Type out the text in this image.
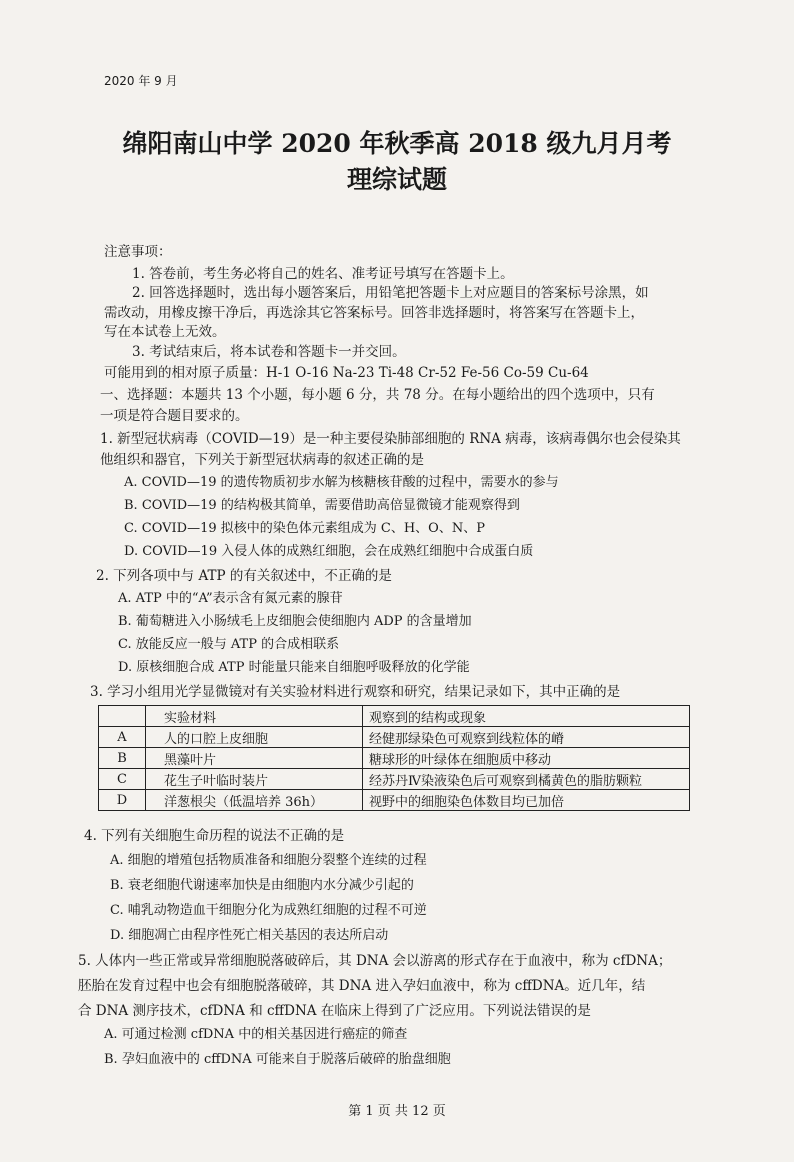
2020 年 9 月
绵阳南山中学 2020 年秋季高 2018 级九月月考
理综试题
注意事项：
1. 答卷前，考生务必将自己的姓名、准考证号填写在答题卡上。
2. 回答选择题时，选出每小题答案后，用铅笔把答题卡上对应题目的答案标号涂黑，如
需改动，用橡皮擦干净后，再选涂其它答案标号。回答非选择题时，将答案写在答题卡上，
写在本试卷上无效。
3. 考试结束后，将本试卷和答题卡一并交回。
可能用到的相对原子质量：H-1 O-16 Na-23 Ti-48 Cr-52 Fe-56 Co-59 Cu-64
一、选择题：本题共 13 个小题，每小题 6 分，共 78 分。在每小题给出的四个选项中，只有
一项是符合题目要求的。
1. 新型冠状病毒（COVID—19）是一种主要侵染肺部细胞的 RNA 病毒，该病毒偶尔也会侵染其
他组织和器官，下列关于新型冠状病毒的叙述正确的是
A. COVID—19 的遗传物质初步水解为核糖核苷酸的过程中，需要水的参与
B. COVID—19 的结构极其简单，需要借助高倍显微镜才能观察得到
C. COVID—19 拟核中的染色体元素组成为 C、H、O、N、P
D. COVID—19 入侵人体的成熟红细胞，会在成熟红细胞中合成蛋白质
2. 下列各项中与 ATP 的有关叙述中，不正确的是
A. ATP 中的“A”表示含有氮元素的腺苷
B. 葡萄糖进入小肠绒毛上皮细胞会使细胞内 ADP 的含量增加
C. 放能反应一般与 ATP 的合成相联系
D. 原核细胞合成 ATP 时能量只能来自细胞呼吸释放的化学能
3. 学习小组用光学显微镜对有关实验材料进行观察和研究，结果记录如下，其中正确的是
	实验材料	观察到的结构或现象
A	人的口腔上皮细胞	经健那绿染色可观察到线粒体的嵴
B	黑藻叶片	糖球形的叶绿体在细胞质中移动
C	花生子叶临时装片	经苏丹Ⅳ染液染色后可观察到橘黄色的脂肪颗粒
D	洋葱根尖（低温培养 36h）	视野中的细胞染色体数目均已加倍
4. 下列有关细胞生命历程的说法不正确的是
A. 细胞的增殖包括物质准备和细胞分裂整个连续的过程
B. 衰老细胞代谢速率加快是由细胞内水分减少引起的
C. 哺乳动物造血干细胞分化为成熟红细胞的过程不可逆
D. 细胞凋亡由程序性死亡相关基因的表达所启动
5. 人体内一些正常或异常细胞脱落破碎后，其 DNA 会以游离的形式存在于血液中，称为 cfDNA；
胚胎在发育过程中也会有细胞脱落破碎，其 DNA 进入孕妇血液中，称为 cffDNA。近几年，结
合 DNA 测序技术，cfDNA 和 cffDNA 在临床上得到了广泛应用。下列说法错误的是
A. 可通过检测 cfDNA 中的相关基因进行癌症的筛查
B. 孕妇血液中的 cffDNA 可能来自于脱落后破碎的胎盘细胞
第 1 页 共 12 页
